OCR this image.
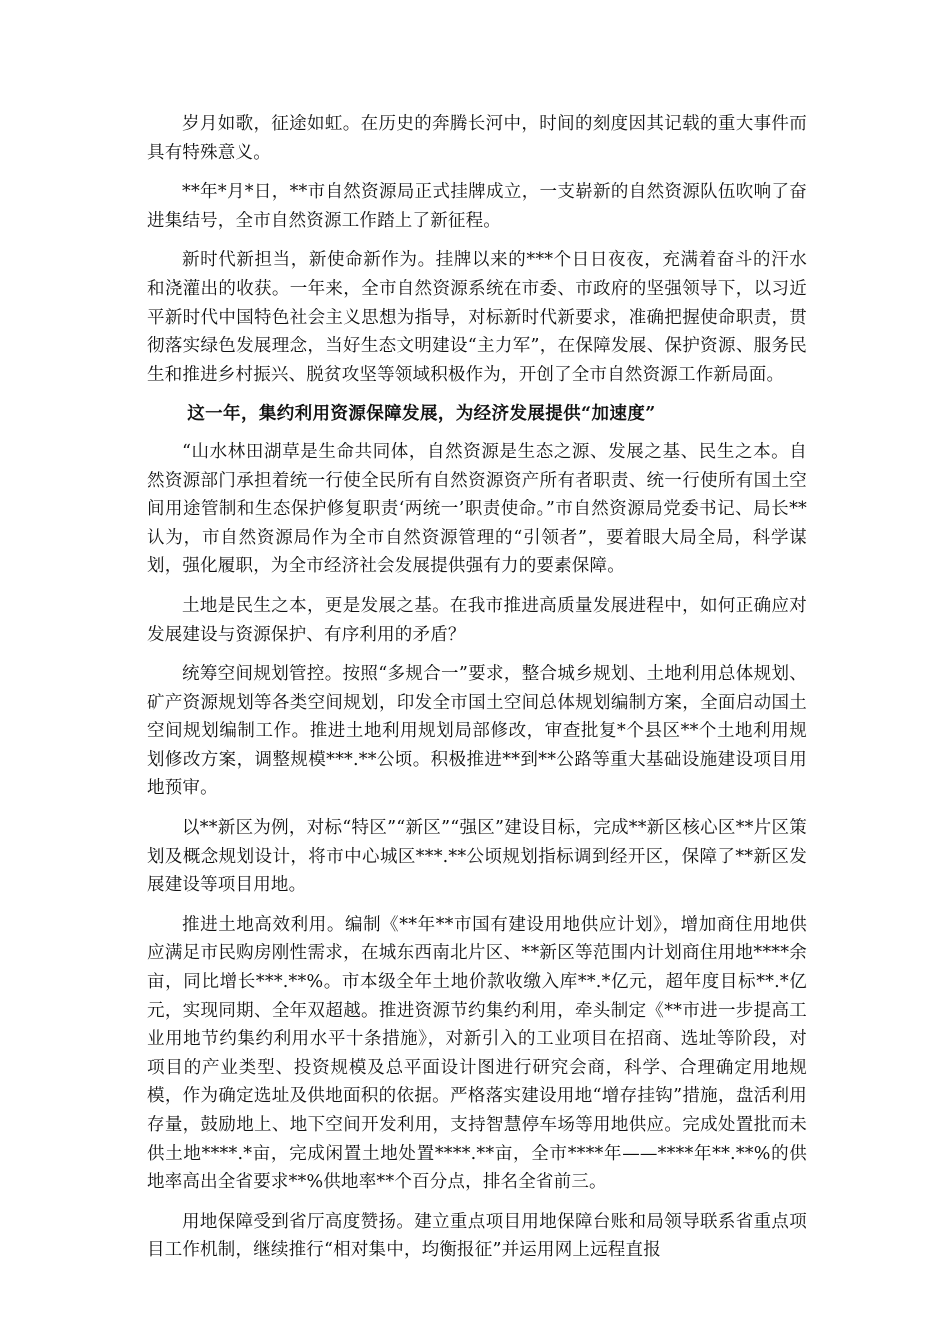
岁月如歌，征途如虹。在历史的奔腾长河中，时间的刻度因其记载的重大事件而具有特殊意义。

**年*月*日，**市自然资源局正式挂牌成立，一支崭新的自然资源队伍吹响了奋进集结号，全市自然资源工作踏上了新征程。

新时代新担当，新使命新作为。挂牌以来的***个日日夜夜，充满着奋斗的汗水和浇灌出的收获。一年来，全市自然资源系统在市委、市政府的坚强领导下，以习近平新时代中国特色社会主义思想为指导，对标新时代新要求，准确把握使命职责，贯彻落实绿色发展理念，当好生态文明建设“主力军”，在保障发展、保护资源、服务民生和推进乡村振兴、脱贫攻坚等领域积极作为，开创了全市自然资源工作新局面。

这一年，集约利用资源保障发展，为经济发展提供“加速度”

“山水林田湖草是生命共同体，自然资源是生态之源、发展之基、民生之本。自然资源部门承担着统一行使全民所有自然资源资产所有者职责、统一行使所有国土空间用途管制和生态保护修复职责‘两统一’职责使命。”市自然资源局党委书记、局长**认为，市自然资源局作为全市自然资源管理的“引领者”，要着眼大局全局，科学谋划，强化履职，为全市经济社会发展提供强有力的要素保障。

土地是民生之本，更是发展之基。在我市推进高质量发展进程中，如何正确应对发展建设与资源保护、有序利用的矛盾？

统筹空间规划管控。按照“多规合一”要求，整合城乡规划、土地利用总体规划、矿产资源规划等各类空间规划，印发全市国土空间总体规划编制方案，全面启动国土空间规划编制工作。推进土地利用规划局部修改，审查批复*个县区**个土地利用规划修改方案，调整规模***.**公顷。积极推进**到**公路等重大基础设施建设项目用地预审。

以**新区为例，对标“特区”“新区”“强区”建设目标，完成**新区核心区**片区策划及概念规划设计，将市中心城区***.**公顷规划指标调到经开区，保障了**新区发展建设等项目用地。

推进土地高效利用。编制《**年**市国有建设用地供应计划》，增加商住用地供应满足市民购房刚性需求，在城东西南北片区、**新区等范围内计划商住用地****余亩，同比增长***.**%。市本级全年土地价款收缴入库**.*亿元，超年度目标**.*亿元，实现同期、全年双超越。推进资源节约集约利用，牵头制定《**市进一步提高工业用地节约集约利用水平十条措施》，对新引入的工业项目在招商、选址等阶段，对项目的产业类型、投资规模及总平面设计图进行研究会商，科学、合理确定用地规模，作为确定选址及供地面积的依据。严格落实建设用地“增存挂钩”措施，盘活利用存量，鼓励地上、地下空间开发利用，支持智慧停车场等用地供应。完成处置批而未供土地****.*亩，完成闲置土地处置****.**亩，全市****年——****年**.**%的供地率高出全省要求**%供地率**个百分点，排名全省前三。

用地保障受到省厅高度赞扬。建立重点项目用地保障台账和局领导联系省重点项目工作机制，继续推行“相对集中，均衡报征”并运用网上远程直报
